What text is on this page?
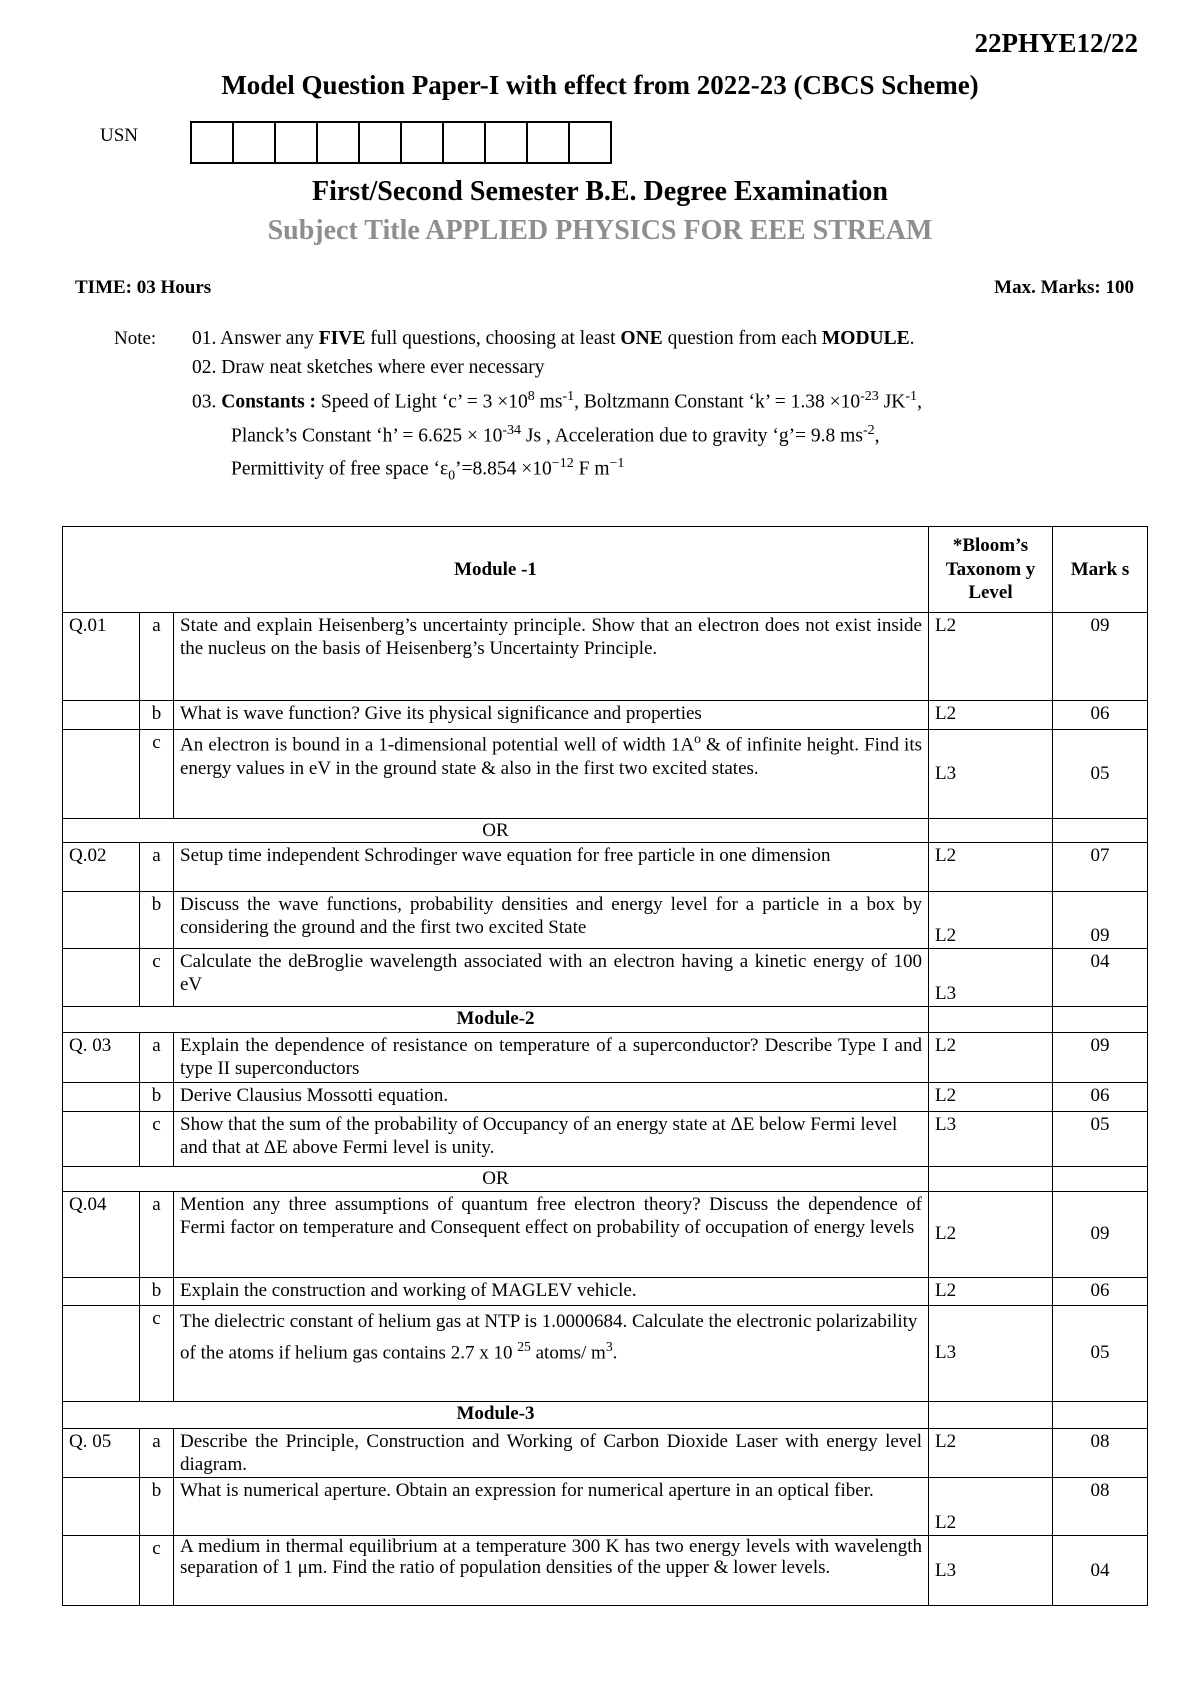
22PHYE12/22
Model Question Paper-I with effect from 2022-23 (CBCS Scheme)
USN
First/Second Semester B.E. Degree Examination
Subject Title APPLIED PHYSICS FOR EEE STREAM
TIME: 03 Hours	Max. Marks: 100
Note: 01. Answer any FIVE full questions, choosing at least ONE question from each MODULE.
02. Draw neat sketches where ever necessary
03. Constants : Speed of Light ‘c’ = $3 \times 10^8$ $ms^{-1}$, Boltzmann Constant ‘k’ = $1.38 \times 10^{-23}$ $JK^{-1}$,
Planck’s Constant ‘h’ = $6.625 \times 10^{-34}$ Js , Acceleration due to gravity ‘g’= 9.8 $ms^{-2}$,
Permittivity of free space ‘$\varepsilon_0’=8.854 \times 10^{-12}$ F $m^{-1}$
Module -1			*Bloom’s Taxonom y Level	Mark s
Q.01	a	State and explain Heisenberg’s uncertainty principle. Show that an electron does not exist inside the nucleus on the basis of Heisenberg’s Uncertainty Principle.	L2	09
	b	What is wave function? Give its physical significance and properties	L2	06
	c	An electron is bound in a 1-dimensional potential well of width $1A^o$ & of infinite height. Find its energy values in eV in the ground state & also in the first two excited states.	L3	05
OR				
Q.02	a	Setup time independent Schrodinger wave equation for free particle in one dimension	L2	07
	b	Discuss the wave functions, probability densities and energy level for a particle in a box by considering the ground and the first two excited State	L2	09
	c	Calculate the deBroglie wavelength associated with an electron having a kinetic energy of 100 eV	L3	04
Module-2				
Q. 03	a	Explain the dependence of resistance on temperature of a superconductor? Describe Type I and type II superconductors	L2	09
	b	Derive Clausius Mossotti equation.	L2	06
	c	Show that the sum of the probability of Occupancy of an energy state at ΔE below Fermi level and that at ΔE above Fermi level is unity.	L3	05
OR				
Q.04	a	Mention any three assumptions of quantum free electron theory? Discuss the dependence of Fermi factor on temperature and Consequent effect on probability of occupation of energy levels	L2	09
	b	Explain the construction and working of MAGLEV vehicle.	L2	06
	c	The dielectric constant of helium gas at NTP is 1.0000684. Calculate the electronic polarizability of the atoms if helium gas contains 2.7 x 10 $^{25}$ atoms/ $m^3$.	L3	05
Module-3				
Q. 05	a	Describe the Principle, Construction and Working of Carbon Dioxide Laser with energy level diagram.	L2	08
	b	What is numerical aperture. Obtain an expression for numerical aperture in an optical fiber.	L2	08
	c	A medium in thermal equilibrium at a temperature 300 K has two energy levels with wavelength separation of 1 μm. Find the ratio of population densities of the upper & lower levels.	L3	04
